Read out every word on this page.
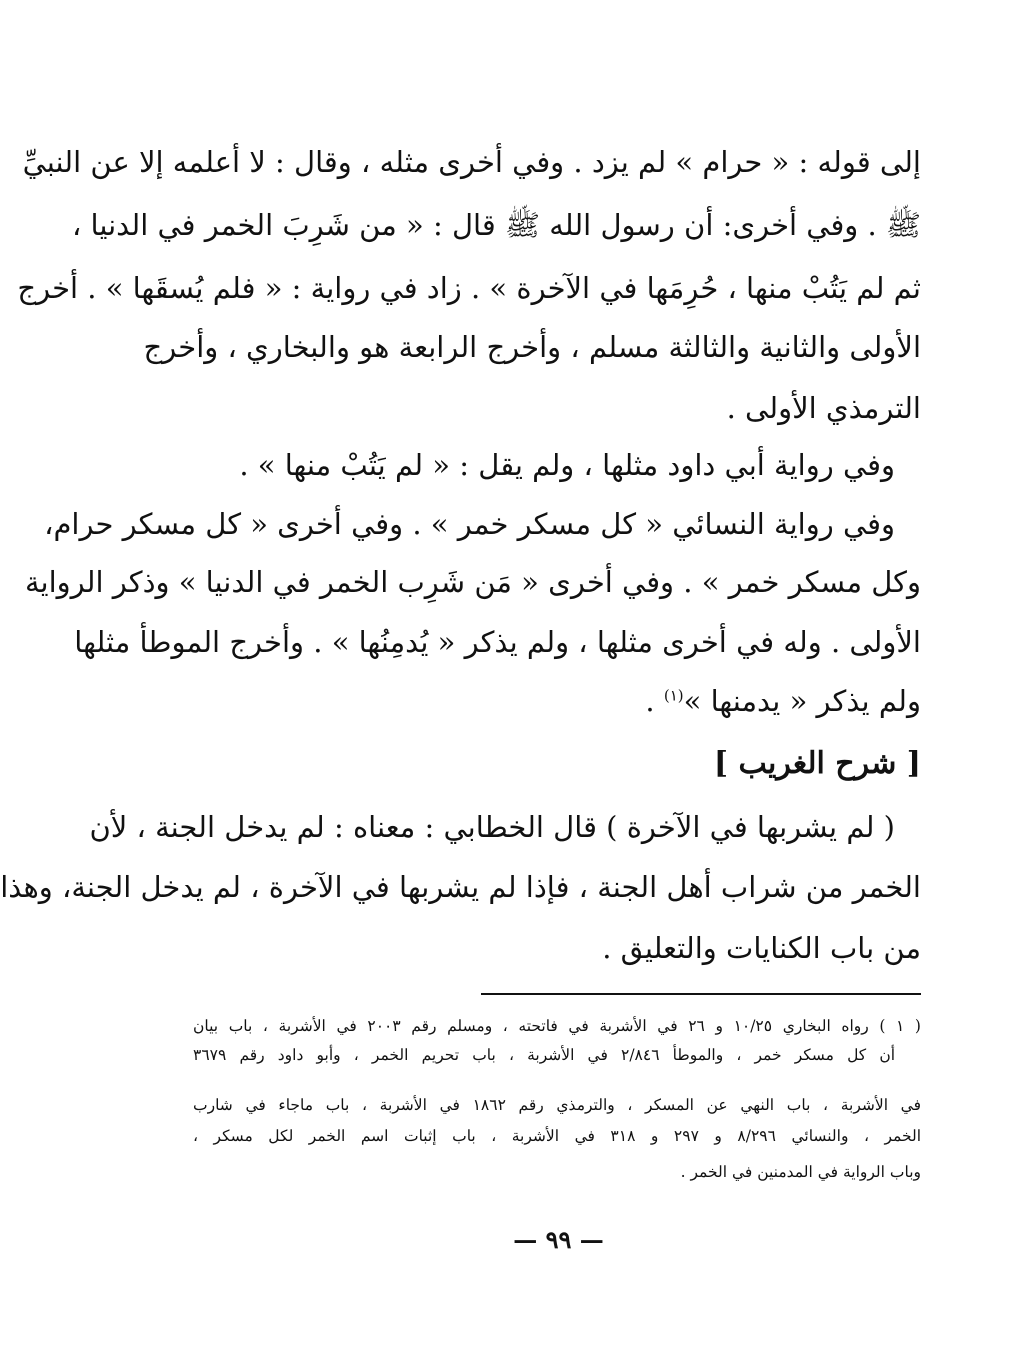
إلى قوله : « حرام » لم يزد . وفي أخرى مثله ، وقال : لا أعلمه إلا عن النبيِّ
ﷺ . وفي أخرى: أن رسول الله ﷺ قال : « من شَرِبَ الخمر في الدنيا ،
ثم لم يَتُبْ منها ، حُرِمَها في الآخرة » . زاد في رواية : « فلم يُسقَها » . أخرج
الأولى والثانية والثالثة مسلم ، وأخرج الرابعة هو والبخاري ، وأخرج
الترمذي الأولى .
وفي رواية أبي داود مثلها ، ولم يقل : « لم يَتُبْ منها » .
وفي رواية النسائي « كل مسكر خمر » . وفي أخرى « كل مسكر حرام،
وكل مسكر خمر » . وفي أخرى « مَن شَرِب الخمر في الدنيا » وذكر الرواية
الأولى . وله في أخرى مثلها ، ولم يذكر « يُدمِنُها » . وأخرج الموطأ مثلها
ولم يذكر « يدمنها »$^{(١)}$ .
[ شرح الغريب ]
( لم يشربها في الآخرة ) قال الخطابي : معناه : لم يدخل الجنة ، لأن
الخمر من شراب أهل الجنة ، فإذا لم يشربها في الآخرة ، لم يدخل الجنة، وهذا
من باب الكنايات والتعليق .
( ١ ) رواه البخاري ١٠/٢٥ و ٢٦ في الأشربة في فاتحته ، ومسلم رقم ٢٠٠٣ في الأشربة ، باب بيان
أن كل مسكر خمر ، والموطأ ٢/٨٤٦ في الأشربة ، باب تحريم الخمر ، وأبو داود رقم ٣٦٧٩
في الأشربة ، باب النهي عن المسكر ، والترمذي رقم ١٨٦٢ في الأشربة ، باب ماجاء في شارب
الخمر ، والنسائي ٨/٢٩٦ و ٢٩٧ و ٣١٨ في الأشربة ، باب إثبات اسم الخمر لكل مسكر ،
وباب الرواية في المدمنين في الخمر .
— ٩٩ —
